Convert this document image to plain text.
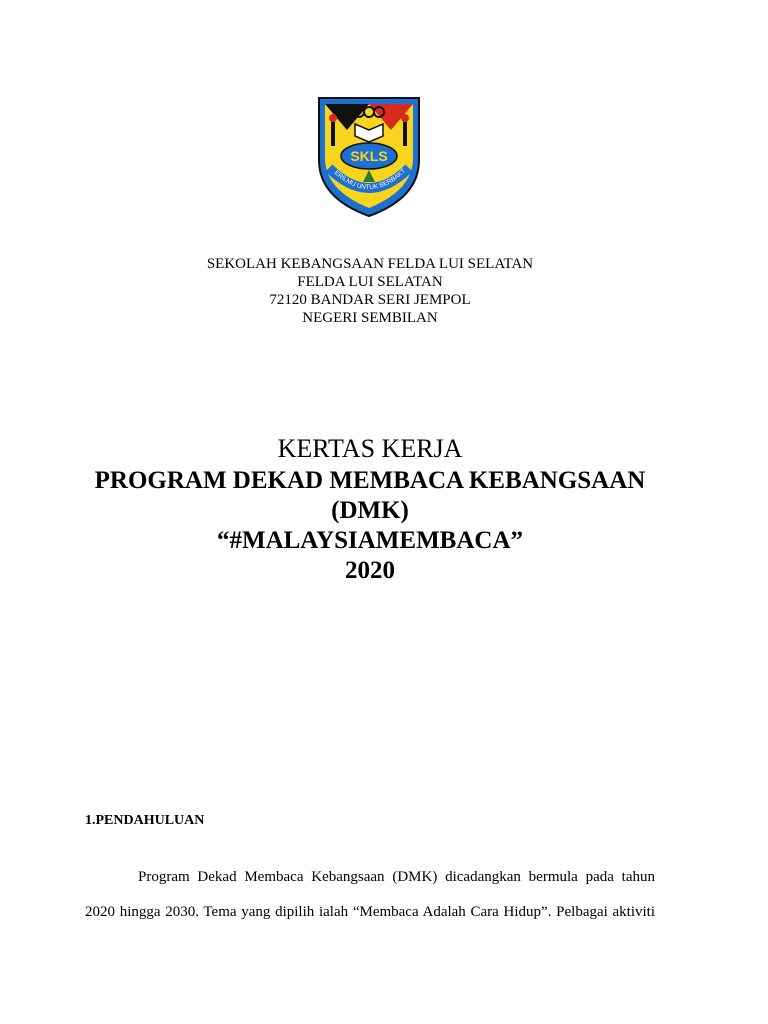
SKLS
ERILMU UNTUK BERBAKT
SEKOLAH KEBANGSAAN FELDA LUI SELATAN
FELDA LUI SELATAN
72120 BANDAR SERI JEMPOL
NEGERI SEMBILAN
KERTAS KERJA
PROGRAM DEKAD MEMBACA KEBANGSAAN
(DMK)
“#MALAYSIAMEMBACA”
2020
1.PENDAHULUAN
Program Dekad Membaca Kebangsaan (DMK) dicadangkan bermula pada tahun
2020 hingga 2030. Tema yang dipilih ialah “Membaca Adalah Cara Hidup”. Pelbagai aktiviti
